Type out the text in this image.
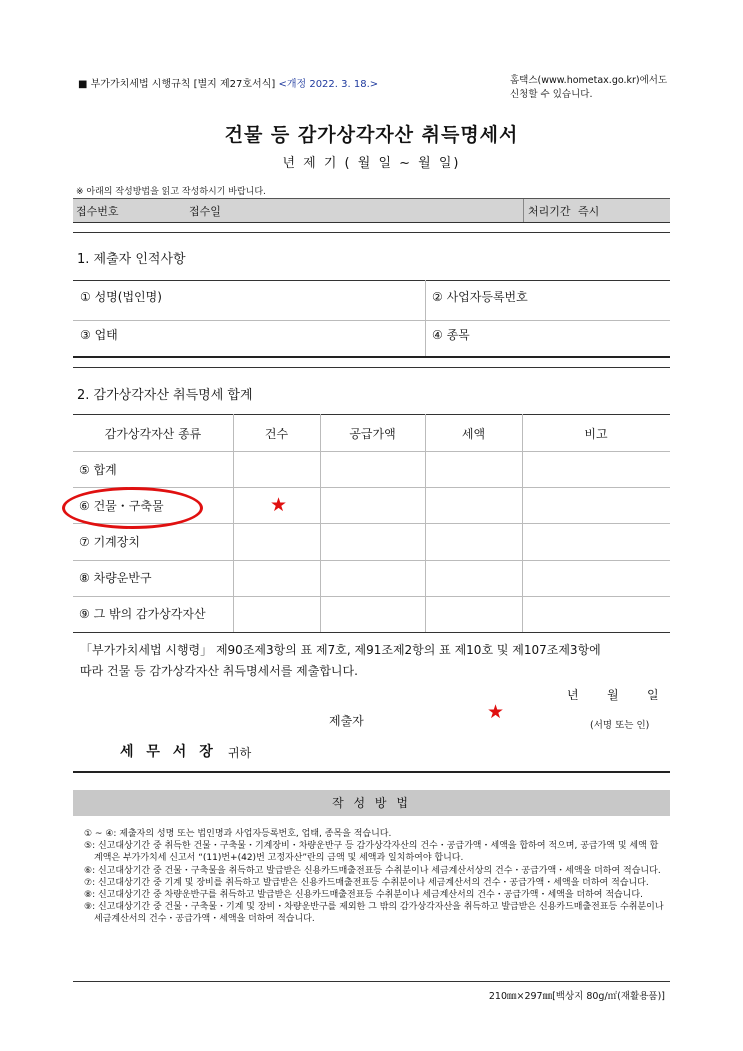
■ 부가가치세법 시행규칙 [별지 제27호서식] <개정 2022. 3. 18.>	홈택스(www.hometax.go.kr)에서도
신청할 수 있습니다.
건물 등 감가상각자산 취득명세서
년 제 기 ( 월 일 ~ 월 일)
※ 아래의 작성방법을 읽고 작성하시기 바랍니다.
접수번호	접수일	처리기간 즉시
1. 제출자 인적사항
① 성명(법인명)	② 사업자등록번호
③ 업태	④ 종목
2. 감가상각자산 취득명세 합계
감가상각자산 종류	건수	공급가액	세액	비고
⑤ 합계
⑥ 건물・구축물
⑦ 기계장치
⑧ 차량운반구
⑨ 그 밖의 감가상각자산
★
「부가가치세법 시행령」 제90조제3항의 표 제7호, 제91조제2항의 표 제10호 및 제107조제3항에
따라 건물 등 감가상각자산 취득명세서를 제출합니다.
년 월 일
제출자	★
(서명 또는 인)
세 무 서 장 귀하
작 성 방 법

① ~ ④: 제출자의 성명 또는 법인명과 사업자등록번호, 업태, 종목을 적습니다.

⑤: 신고대상기간 중 취득한 건물・구축물・기계장비・차량운반구 등 감가상각자산의 건수・공급가액・세액을 합하여 적으며, 공급가액 및 세액 합계액은 부가가치세 신고서 “(11)번+(42)번 고정자산”란의 금액 및 세액과 일치하여야 합니다.

⑥: 신고대상기간 중 건물・구축물을 취득하고 발급받은 신용카드매출전표등 수취분이나 세금계산서상의 건수・공급가액・세액을 더하여 적습니다.

⑦: 신고대상기간 중 기계 및 장비를 취득하고 발급받은 신용카드매출전표등 수취분이나 세금계산서의 건수・공급가액・세액을 더하여 적습니다.

⑧: 신고대상기간 중 차량운반구를 취득하고 발급받은 신용카드매출전표등 수취분이나 세금계산서의 건수・공급가액・세액을 더하여 적습니다.

⑨: 신고대상기간 중 건물・구축물・기계 및 장비・차량운반구를 제외한 그 밖의 감가상각자산을 취득하고 발급받은 신용카드매출전표등 수취분이나 세금계산서의 건수・공급가액・세액을 더하여 적습니다.

210㎜×297㎜[백상지 80g/㎡(재활용품)]
